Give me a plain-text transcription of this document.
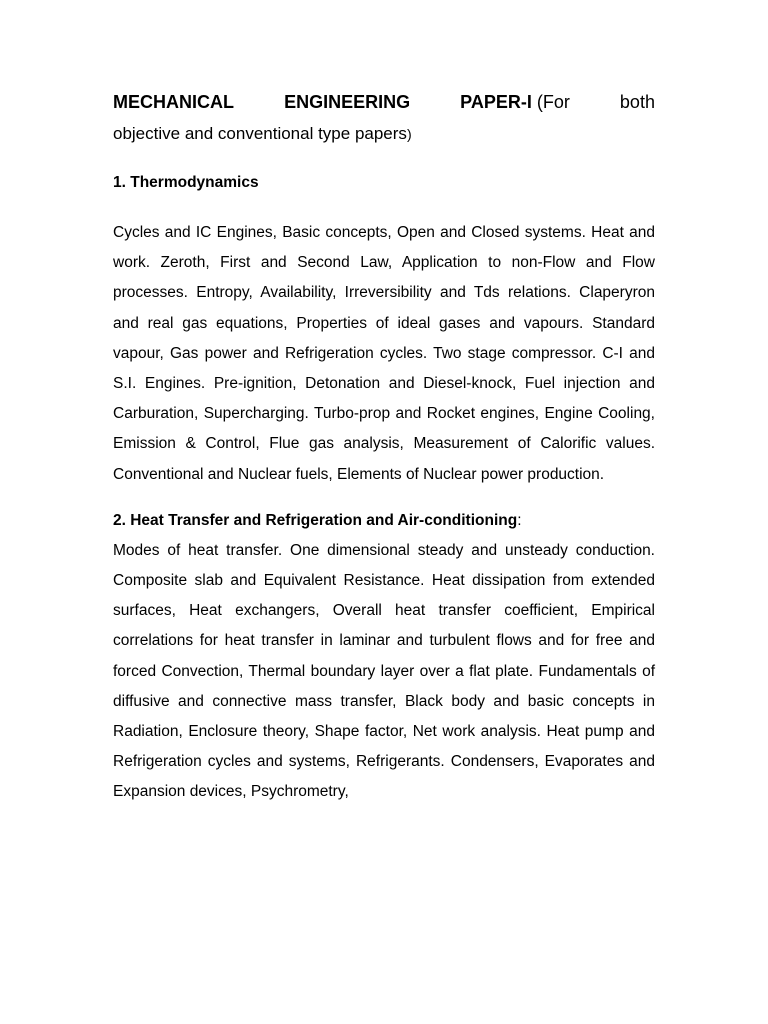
MECHANICAL	ENGINEERING	PAPER-I (For	both
objective and conventional type papers)
1. Thermodynamics

Cycles and IC Engines, Basic concepts, Open and Closed systems. Heat and work. Zeroth, First and Second Law, Application to non-Flow and Flow processes. Entropy, Availability, Irreversibility and Tds relations. Claperyron and real gas equations, Properties of ideal gases and vapours. Standard vapour, Gas power and Refrigeration cycles. Two stage compressor. C-I and S.I. Engines. Pre-ignition, Detonation and Diesel-knock, Fuel injection and Carburation, Supercharging. Turbo-prop and Rocket engines, Engine Cooling, Emission & Control, Flue gas analysis, Measurement of Calorific values. Conventional and Nuclear fuels, Elements of Nuclear power production.

2. Heat Transfer and Refrigeration and Air-conditioning:

Modes of heat transfer. One dimensional steady and unsteady conduction. Composite slab and Equivalent Resistance. Heat dissipation from extended surfaces, Heat exchangers, Overall heat transfer coefficient, Empirical correlations for heat transfer in laminar and turbulent flows and for free and forced Convection, Thermal boundary layer over a flat plate. Fundamentals of diffusive and connective mass transfer, Black body and basic concepts in Radiation, Enclosure theory, Shape factor, Net work analysis. Heat pump and Refrigeration cycles and systems, Refrigerants. Condensers, Evaporates and Expansion devices, Psychrometry,
